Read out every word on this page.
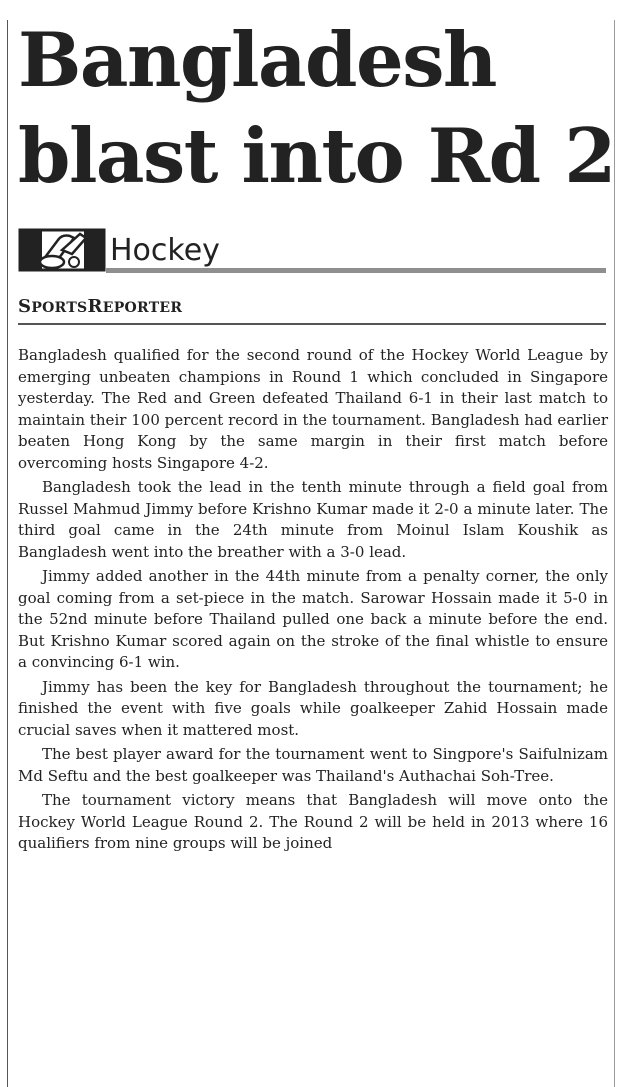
Bangladesh blast into Rd 2
Hockey
SPORTSREPORTER

Bangladesh qualified for the second round of the Hockey World League by emerging unbeaten champions in Round 1 which concluded in Singapore yesterday. The Red and Green defeated Thailand 6-1 in their last match to maintain their 100 percent record in the tournament. Bangladesh had earlier beaten Hong Kong by the same margin in their first match before overcoming hosts Singapore 4-2.

Bangladesh took the lead in the tenth minute through a field goal from Russel Mahmud Jimmy before Krishno Kumar made it 2-0 a minute later. The third goal came in the 24th minute from Moinul Islam Koushik as Bangladesh went into the breather with a 3-0 lead.

Jimmy added another in the 44th minute from a penalty corner, the only goal coming from a set-piece in the match. Sarowar Hossain made it 5-0 in the 52nd minute before Thailand pulled one back a minute before the end. But Krishno Kumar scored again on the stroke of the final whistle to ensure a convincing 6-1 win.

Jimmy has been the key for Bangladesh throughout the tournament; he finished the event with five goals while goalkeeper Zahid Hossain made crucial saves when it mattered most.

The best player award for the tournament went to Singpore's Saifulnizam Md Seftu and the best goalkeeper was Thailand's Authachai Soh-Tree.

The tournament victory means that Bangladesh will move onto the Hockey World League Round 2. The Round 2 will be held in 2013 where 16 qualifiers from nine groups will be joined
